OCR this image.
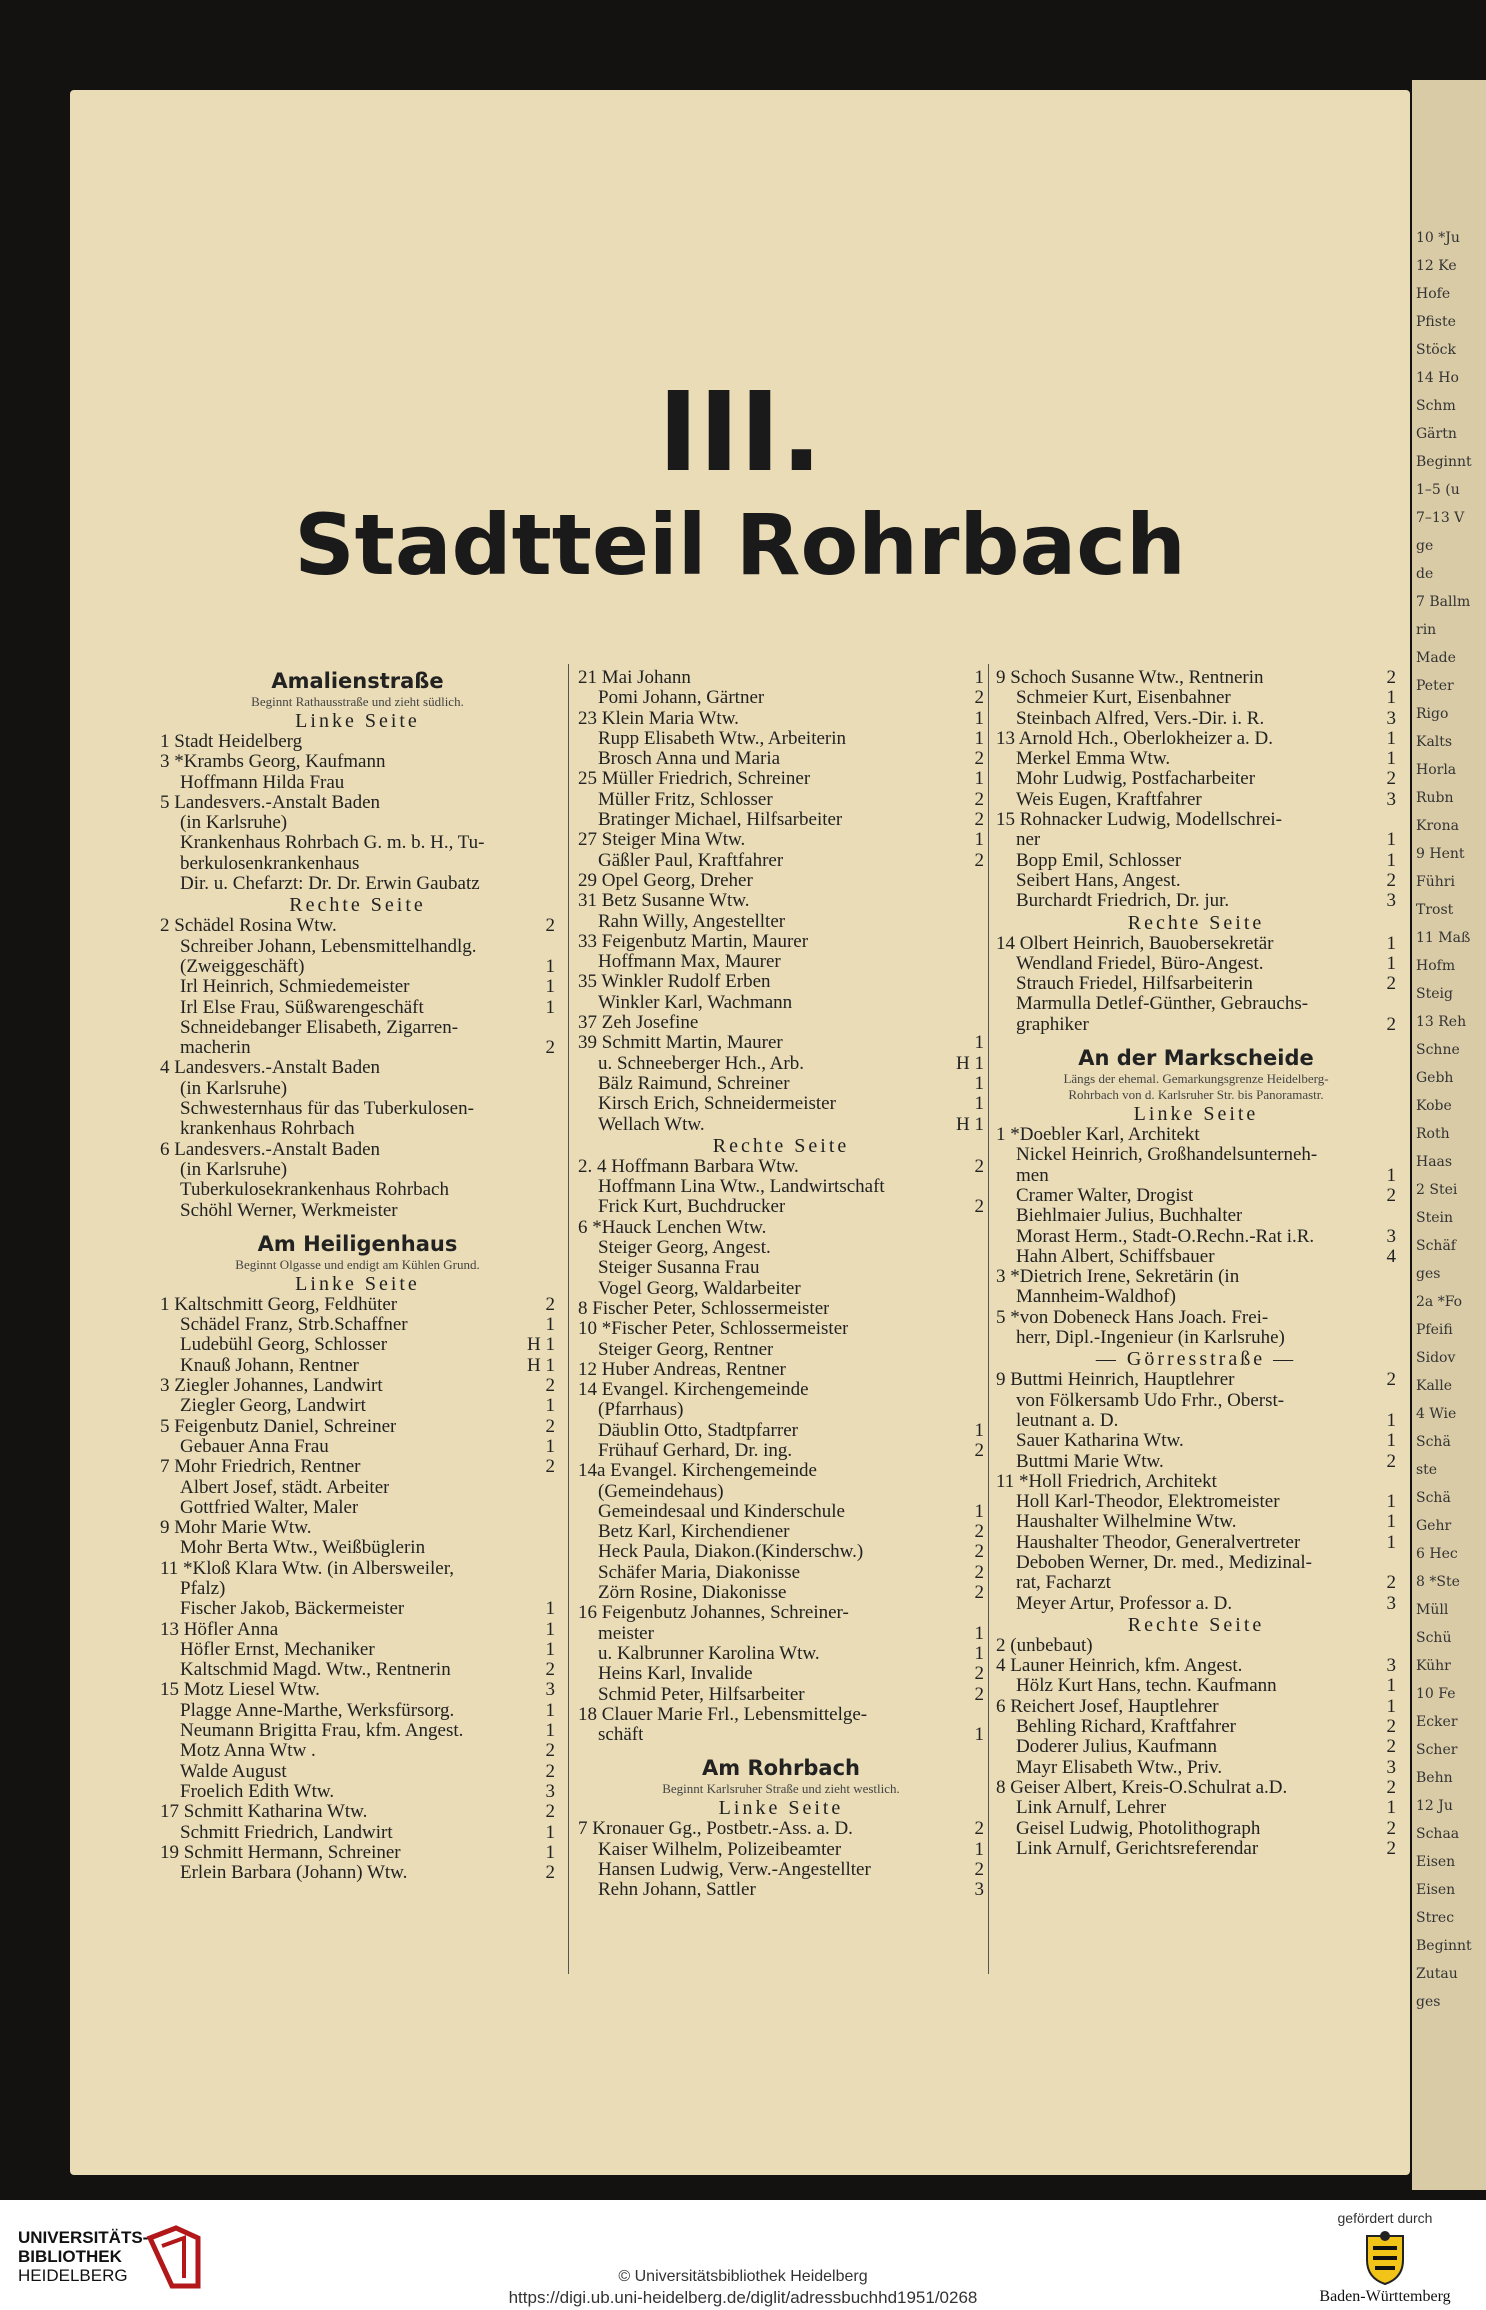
10 *Ju
12 Ke
Hofe
Pfiste
Stöck
14 Ho
Schm
Gärtn
Beginnt
1–5 (u
7–13 V
ge
de
7 Ballm
rin
Made
Peter
Rigo
Kalts
Horla
Rubn
Krona
9 Hent
Führi
Trost
11 Maß
Hofm
Steig
13 Reh
Schne
Gebh
Kobe
Roth
Haas
2 Stei
Stein
Schäf
ges
2a *Fo
Pfeifi
Sidov
Kalle
4 Wie
Schä
ste
Schä
Gehr
6 Hec
8 *Ste
Müll
Schü
Kühr
10 Fe
Ecker
Scher
Behn
12 Ju
Schaa
Eisen
Eisen
Strec
Beginnt
Zutau
ges
III.
Stadtteil Rohrbach
Amalienstraße
Beginnt Rathausstraße und zieht südlich.
Linke Seite
1 Stadt Heidelberg
3 *Krambs Georg, Kaufmann
Hoffmann Hilda Frau
5 Landesvers.-Anstalt Baden
(in Karlsruhe)
Krankenhaus Rohrbach G. m. b. H., Tu-
berkulosenkrankenhaus
Dir. u. Chefarzt: Dr. Dr. Erwin Gaubatz
Rechte Seite
2 Schädel Rosina Wtw.	2
Schreiber Johann, Lebensmittelhandlg.
(Zweiggeschäft)	1
Irl Heinrich, Schmiedemeister	1
Irl Else Frau, Süßwarengeschäft	1
Schneidebanger Elisabeth, Zigarren-
macherin	2
4 Landesvers.-Anstalt Baden
(in Karlsruhe)
Schwesternhaus für das Tuberkulosen-
krankenhaus Rohrbach
6 Landesvers.-Anstalt Baden
(in Karlsruhe)
Tuberkulosekrankenhaus Rohrbach
Schöhl Werner, Werkmeister
Am Heiligenhaus
Beginnt Olgasse und endigt am Kühlen Grund.
Linke Seite
1 Kaltschmitt Georg, Feldhüter	2
Schädel Franz, Strb.Schaffner	1
Ludebühl Georg, Schlosser	H 1
Knauß Johann, Rentner	H 1
3 Ziegler Johannes, Landwirt	2
Ziegler Georg, Landwirt	1
5 Feigenbutz Daniel, Schreiner	2
Gebauer Anna Frau	1
7 Mohr Friedrich, Rentner	2
Albert Josef, städt. Arbeiter
Gottfried Walter, Maler
9 Mohr Marie Wtw.
Mohr Berta Wtw., Weißbüglerin
11 *Kloß Klara Wtw. (in Albersweiler,
Pfalz)
Fischer Jakob, Bäckermeister	1
13 Höfler Anna	1
Höfler Ernst, Mechaniker	1
Kaltschmid Magd. Wtw., Rentnerin	2
15 Motz Liesel Wtw.	3
Plagge Anne-Marthe, Werksfürsorg.	1
Neumann Brigitta Frau, kfm. Angest.	1
Motz Anna Wtw .	2
Walde August	2
Froelich Edith Wtw.	3
17 Schmitt Katharina Wtw.	2
Schmitt Friedrich, Landwirt	1
19 Schmitt Hermann, Schreiner	1
Erlein Barbara (Johann) Wtw.	2
21 Mai Johann	1
Pomi Johann, Gärtner	2
23 Klein Maria Wtw.	1
Rupp Elisabeth Wtw., Arbeiterin	1
Brosch Anna und Maria	2
25 Müller Friedrich, Schreiner	1
Müller Fritz, Schlosser	2
Bratinger Michael, Hilfsarbeiter	2
27 Steiger Mina Wtw.	1
Gäßler Paul, Kraftfahrer	2
29 Opel Georg, Dreher
31 Betz Susanne Wtw.
Rahn Willy, Angestellter
33 Feigenbutz Martin, Maurer
Hoffmann Max, Maurer
35 Winkler Rudolf Erben
Winkler Karl, Wachmann
37 Zeh Josefine
39 Schmitt Martin, Maurer	1
u. Schneeberger Hch., Arb.	H 1
Bälz Raimund, Schreiner	1
Kirsch Erich, Schneidermeister	1
Wellach Wtw.	H 1
Rechte Seite
2. 4 Hoffmann Barbara Wtw.	2
Hoffmann Lina Wtw., Landwirtschaft
Frick Kurt, Buchdrucker	2
6 *Hauck Lenchen Wtw.
Steiger Georg, Angest.
Steiger Susanna Frau
Vogel Georg, Waldarbeiter
8 Fischer Peter, Schlossermeister
10 *Fischer Peter, Schlossermeister
Steiger Georg, Rentner
12 Huber Andreas, Rentner
14 Evangel. Kirchengemeinde
(Pfarrhaus)
Däublin Otto, Stadtpfarrer	1
Frühauf Gerhard, Dr. ing.	2
14a Evangel. Kirchengemeinde
(Gemeindehaus)
Gemeindesaal und Kinderschule	1
Betz Karl, Kirchendiener	2
Heck Paula, Diakon.(Kinderschw.)	2
Schäfer Maria, Diakonisse	2
Zörn Rosine, Diakonisse	2
16 Feigenbutz Johannes, Schreiner-
meister	1
u. Kalbrunner Karolina Wtw.	1
Heins Karl, Invalide	2
Schmid Peter, Hilfsarbeiter	2
18 Clauer Marie Frl., Lebensmittelge-
schäft	1
Am Rohrbach
Beginnt Karlsruher Straße und zieht westlich.
Linke Seite
7 Kronauer Gg., Postbetr.-Ass. a. D.	2
Kaiser Wilhelm, Polizeibeamter	1
Hansen Ludwig, Verw.-Angestellter	2
Rehn Johann, Sattler	3
9 Schoch Susanne Wtw., Rentnerin	2
Schmeier Kurt, Eisenbahner	1
Steinbach Alfred, Vers.-Dir. i. R.	3
13 Arnold Hch., Oberlokheizer a. D.	1
Merkel Emma Wtw.	1
Mohr Ludwig, Postfacharbeiter	2
Weis Eugen, Kraftfahrer	3
15 Rohnacker Ludwig, Modellschrei-
ner	1
Bopp Emil, Schlosser	1
Seibert Hans, Angest.	2
Burchardt Friedrich, Dr. jur.	3
Rechte Seite
14 Olbert Heinrich, Bauobersekretär	1
Wendland Friedel, Büro-Angest.	1
Strauch Friedel, Hilfsarbeiterin	2
Marmulla Detlef-Günther, Gebrauchs-
graphiker	2
An der Markscheide
Längs der ehemal. Gemarkungsgrenze Heidelberg-
Rohrbach von d. Karlsruher Str. bis Panoramastr.
Linke Seite
1 *Doebler Karl, Architekt
Nickel Heinrich, Großhandelsunterneh-
men	1
Cramer Walter, Drogist	2
Biehlmaier Julius, Buchhalter
Morast Herm., Stadt-O.Rechn.-Rat i.R.	3
Hahn Albert, Schiffsbauer	4
3 *Dietrich Irene, Sekretärin (in
Mannheim-Waldhof)
5 *von Dobeneck Hans Joach. Frei-
herr, Dipl.-Ingenieur (in Karlsruhe)
— Görresstraße —
9 Buttmi Heinrich, Hauptlehrer	2
von Fölkersamb Udo Frhr., Oberst-
leutnant a. D.	1
Sauer Katharina Wtw.	1
Buttmi Marie Wtw.	2
11 *Holl Friedrich, Architekt
Holl Karl-Theodor, Elektromeister	1
Haushalter Wilhelmine Wtw.	1
Haushalter Theodor, Generalvertreter	1
Deboben Werner, Dr. med., Medizinal-
rat, Facharzt	2
Meyer Artur, Professor a. D.	3
Rechte Seite
2 (unbebaut)
4 Launer Heinrich, kfm. Angest.	3
Hölz Kurt Hans, techn. Kaufmann	1
6 Reichert Josef, Hauptlehrer	1
Behling Richard, Kraftfahrer	2
Doderer Julius, Kaufmann	2
Mayr Elisabeth Wtw., Priv.	3
8 Geiser Albert, Kreis-O.Schulrat a.D.	2
Link Arnulf, Lehrer	1
Geisel Ludwig, Photolithograph	2
Link Arnulf, Gerichtsreferendar	2
UNIVERSITÄTS-
BIBLIOTHEK
HEIDELBERG	© Universitätsbibliothek Heidelberg
https://digi.ub.uni-heidelberg.de/diglit/adressbuchhd1951/0268
gefördert durch
Baden-Württemberg
